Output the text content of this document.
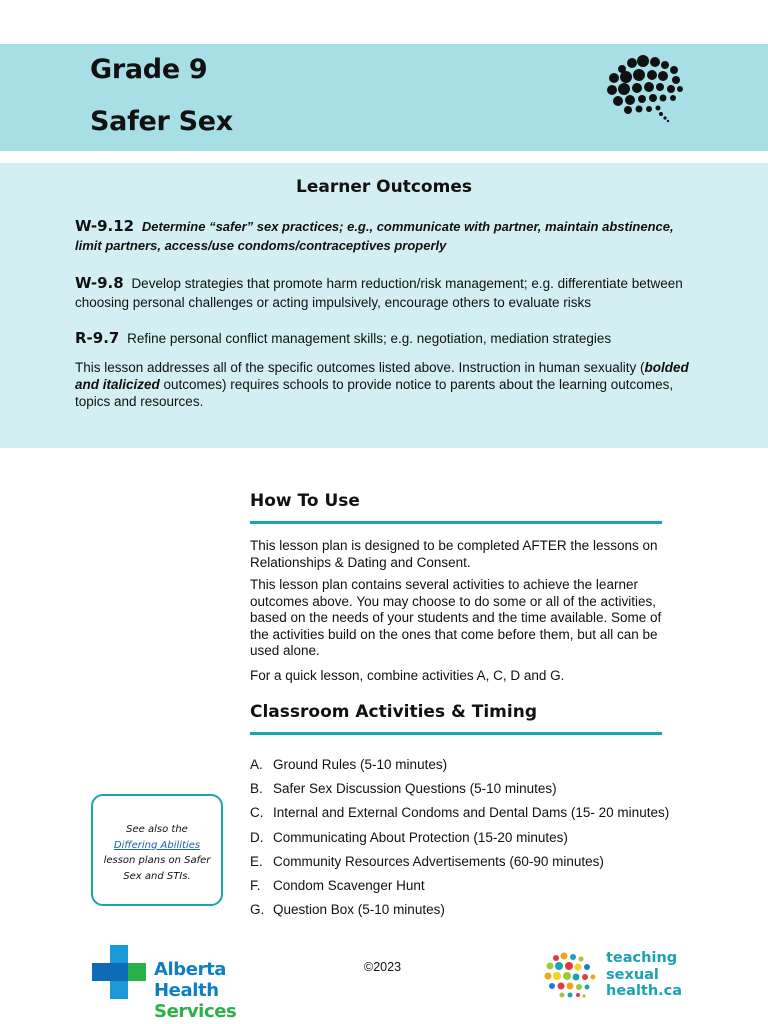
Grade 9
Safer Sex
Learner Outcomes

W-9.12 Determine “safer” sex practices; e.g., communicate with partner, maintain abstinence, limit partners, access/use condoms/contraceptives properly

W-9.8 Develop strategies that promote harm reduction/risk management; e.g. differentiate between choosing personal challenges or acting impulsively, encourage others to evaluate risks

R-9.7 Refine personal conflict management skills; e.g. negotiation, mediation strategies

This lesson addresses all of the specific outcomes listed above. Instruction in human sexuality (bolded and italicized outcomes) requires schools to provide notice to parents about the learning outcomes, topics and resources.

How To Use

This lesson plan is designed to be completed AFTER the lessons on Relationships & Dating and Consent.

This lesson plan contains several activities to achieve the learner outcomes above. You may choose to do some or all of the activities, based on the needs of your students and the time available. Some of the activities build on the ones that come before them, but all can be used alone.

For a quick lesson, combine activities A, C, D and G.

Classroom Activities & Timing
A. Ground Rules (5-10 minutes)
B. Safer Sex Discussion Questions (5-10 minutes)
C. Internal and External Condoms and Dental Dams (15- 20 minutes)
D. Communicating About Protection (15-20 minutes)
E. Community Resources Advertisements (60-90 minutes)
F. Condom Scavenger Hunt
G. Question Box (5-10 minutes)
See also the
Differing Abilities
lesson plans on Safer Sex and STIs.

Alberta Health
Services

©2023

teaching
sexual
health.ca
